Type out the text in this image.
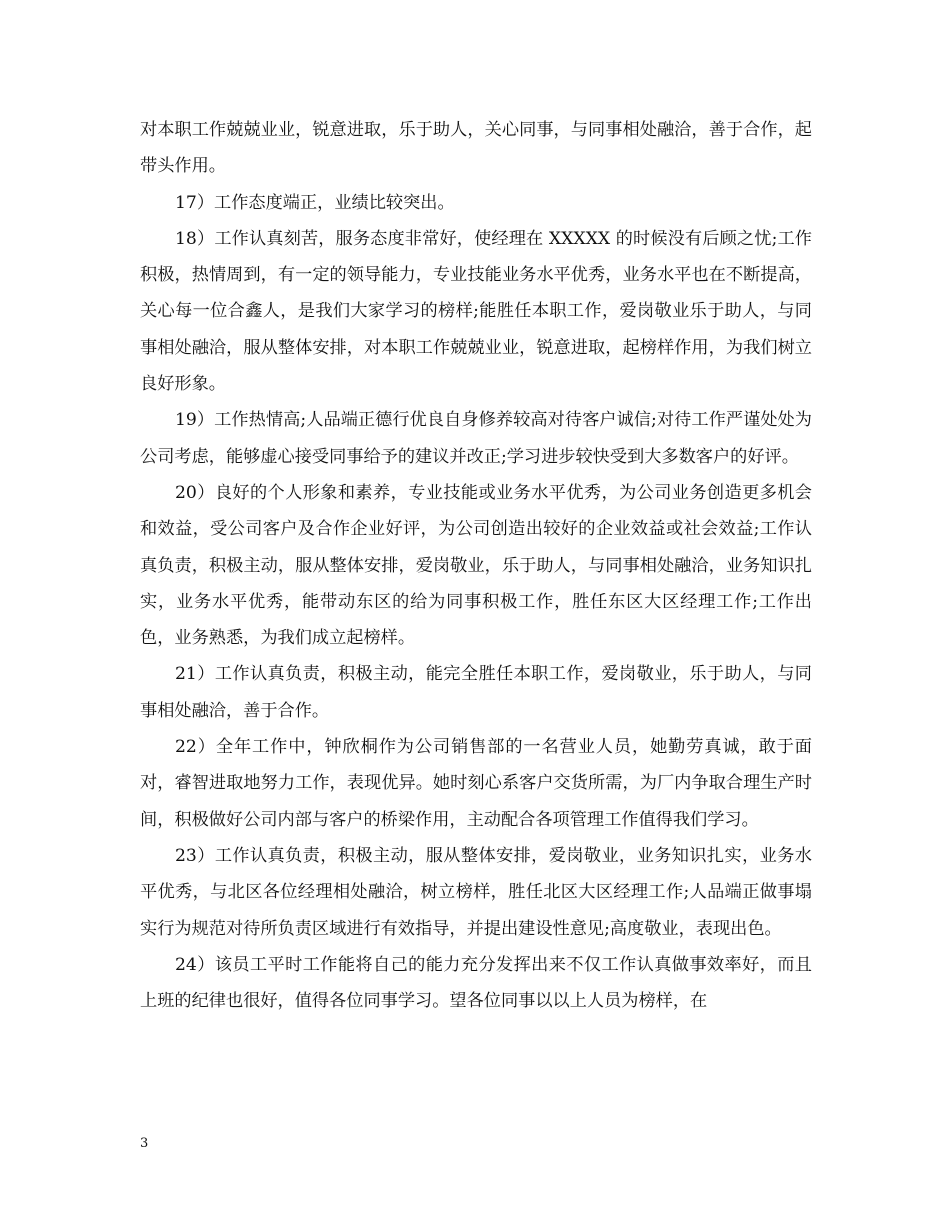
对本职工作兢兢业业，锐意进取，乐于助人，关心同事，与同事相处融洽，善于合作，起带头作用。

17）工作态度端正，业绩比较突出。

18）工作认真刻苦，服务态度非常好，使经理在 XXXXX 的时候没有后顾之忧;工作积极，热情周到，有一定的领导能力，专业技能业务水平优秀，业务水平也在不断提高，关心每一位合鑫人，是我们大家学习的榜样;能胜任本职工作，爱岗敬业乐于助人，与同事相处融洽，服从整体安排，对本职工作兢兢业业，锐意进取，起榜样作用，为我们树立良好形象。

19）工作热情高;人品端正德行优良自身修养较高对待客户诚信;对待工作严谨处处为公司考虑，能够虚心接受同事给予的建议并改正;学习进步较快受到大多数客户的好评。

20）良好的个人形象和素养，专业技能或业务水平优秀，为公司业务创造更多机会和效益，受公司客户及合作企业好评，为公司创造出较好的企业效益或社会效益;工作认真负责，积极主动，服从整体安排，爱岗敬业，乐于助人，与同事相处融洽，业务知识扎实，业务水平优秀，能带动东区的给为同事积极工作，胜任东区大区经理工作;工作出色，业务熟悉，为我们成立起榜样。

21）工作认真负责，积极主动，能完全胜任本职工作，爱岗敬业，乐于助人，与同事相处融洽，善于合作。

22）全年工作中，钟欣桐作为公司销售部的一名营业人员，她勤劳真诚，敢于面对，睿智进取地努力工作，表现优异。她时刻心系客户交货所需，为厂内争取合理生产时间，积极做好公司内部与客户的桥梁作用，主动配合各项管理工作值得我们学习。

23）工作认真负责，积极主动，服从整体安排，爱岗敬业，业务知识扎实，业务水平优秀，与北区各位经理相处融洽，树立榜样，胜任北区大区经理工作;人品端正做事塌实行为规范对待所负责区域进行有效指导，并提出建设性意见;高度敬业，表现出色。

24）该员工平时工作能将自己的能力充分发挥出来不仅工作认真做事效率好，而且上班的纪律也很好，值得各位同事学习。望各位同事以以上人员为榜样，在

3
